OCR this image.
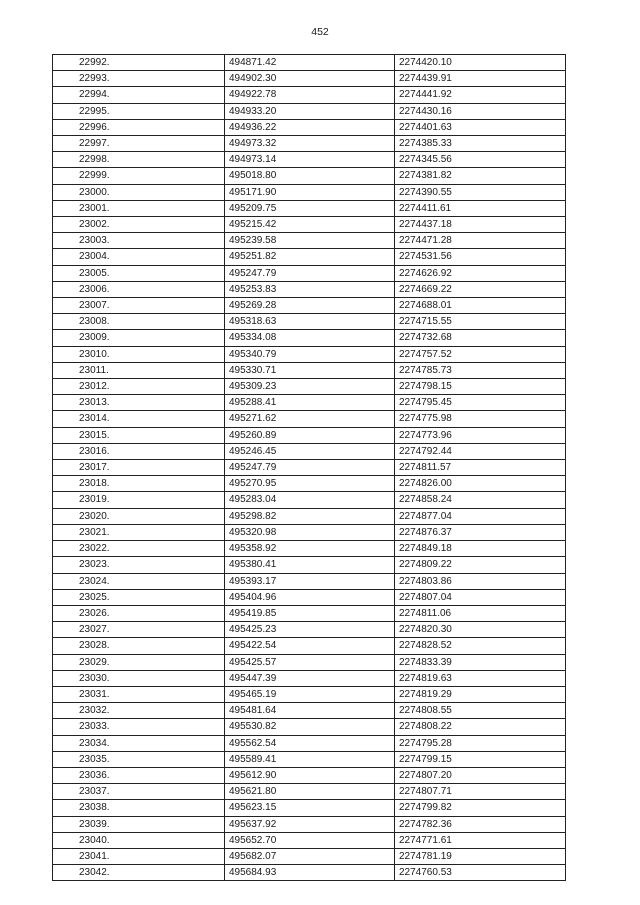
452
22992.	494871.42	2274420.10
22993.	494902.30	2274439.91
22994.	494922.78	2274441.92
22995.	494933.20	2274430.16
22996.	494936.22	2274401.63
22997.	494973.32	2274385.33
22998.	494973.14	2274345.56
22999.	495018.80	2274381.82
23000.	495171.90	2274390.55
23001.	495209.75	2274411.61
23002.	495215.42	2274437.18
23003.	495239.58	2274471.28
23004.	495251.82	2274531.56
23005.	495247.79	2274626.92
23006.	495253.83	2274669.22
23007.	495269.28	2274688.01
23008.	495318.63	2274715.55
23009.	495334.08	2274732.68
23010.	495340.79	2274757.52
23011.	495330.71	2274785.73
23012.	495309.23	2274798.15
23013.	495288.41	2274795.45
23014.	495271.62	2274775.98
23015.	495260.89	2274773.96
23016.	495246.45	2274792.44
23017.	495247.79	2274811.57
23018.	495270.95	2274826.00
23019.	495283.04	2274858.24
23020.	495298.82	2274877.04
23021.	495320.98	2274876.37
23022.	495358.92	2274849.18
23023.	495380.41	2274809.22
23024.	495393.17	2274803.86
23025.	495404.96	2274807.04
23026.	495419.85	2274811.06
23027.	495425.23	2274820.30
23028.	495422.54	2274828.52
23029.	495425.57	2274833.39
23030.	495447.39	2274819.63
23031.	495465.19	2274819.29
23032.	495481.64	2274808.55
23033.	495530.82	2274808.22
23034.	495562.54	2274795.28
23035.	495589.41	2274799.15
23036.	495612.90	2274807.20
23037.	495621.80	2274807.71
23038.	495623.15	2274799.82
23039.	495637.92	2274782.36
23040.	495652.70	2274771.61
23041.	495682.07	2274781.19
23042.	495684.93	2274760.53
